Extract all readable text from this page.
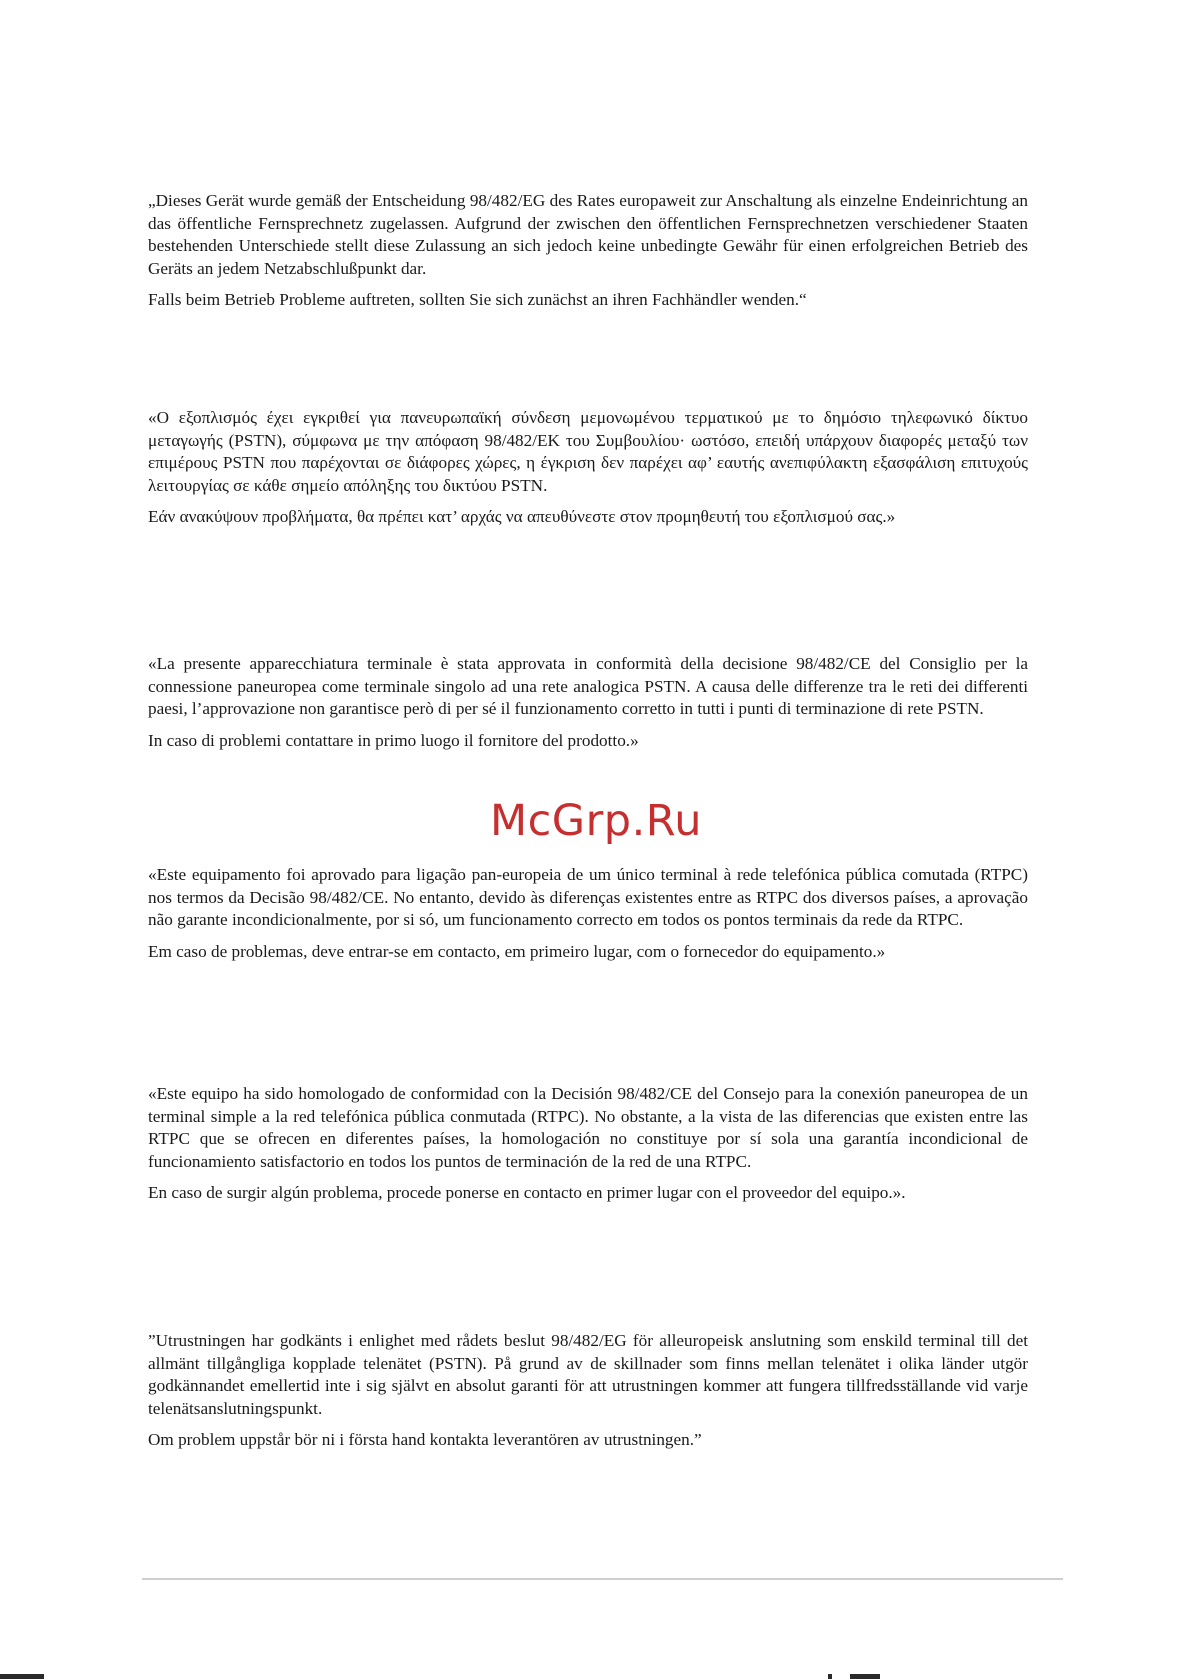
„Dieses Gerät wurde gemäß der Entscheidung 98/482/EG des Rates europaweit zur Anschaltung als einzelne Endeinrichtung an das öffentliche Fernsprechnetz zugelassen. Aufgrund der zwischen den öffentlichen Fernsprechnetzen verschiedener Staaten bestehenden Unterschiede stellt diese Zulassung an sich jedoch keine unbedingte Gewähr für einen erfolgreichen Betrieb des Geräts an jedem Netzabschlußpunkt dar.

Falls beim Betrieb Probleme auftreten, sollten Sie sich zunächst an ihren Fachhändler wenden.“

«Ο εξοπλισμός έχει εγκριθεί για πανευρωπαϊκή σύνδεση μεμονωμένου τερματικού με το δημόσιο τηλεφωνικό δίκτυο μεταγωγής (PSTN), σύμφωνα με την απόφαση 98/482/ΕΚ του Συμβουλίου· ωστόσο, επειδή υπάρχουν διαφορές μεταξύ των επιμέρους PSTN που παρέχονται σε διάφορες χώρες, η έγκριση δεν παρέχει αφ’ εαυτής ανεπιφύλακτη εξασφάλιση επιτυχούς λειτουργίας σε κάθε σημείο απόληξης του δικτύου PSTN.

Εάν ανακύψουν προβλήματα, θα πρέπει κατ’ αρχάς να απευθύνεστε στον προμηθευτή του εξοπλισμού σας.»

«La presente apparecchiatura terminale è stata approvata in conformità della decisione 98/482/CE del Consiglio per la connessione paneuropea come terminale singolo ad una rete analogica PSTN. A causa delle differenze tra le reti dei differenti paesi, l’approvazione non garantisce però di per sé il funzionamento corretto in tutti i punti di terminazione di rete PSTN.

In caso di problemi contattare in primo luogo il fornitore del prodotto.»

McGrp.Ru

«Este equipamento foi aprovado para ligação pan-europeia de um único terminal à rede telefónica pública comutada (RTPC) nos termos da Decisão 98/482/CE. No entanto, devido às diferenças existentes entre as RTPC dos diversos países, a aprovação não garante incondicionalmente, por si só, um funcionamento correcto em todos os pontos terminais da rede da RTPC.

Em caso de problemas, deve entrar-se em contacto, em primeiro lugar, com o fornecedor do equipamento.»

«Este equipo ha sido homologado de conformidad con la Decisión 98/482/CE del Consejo para la conexión paneuropea de un terminal simple a la red telefónica pública conmutada (RTPC). No obstante, a la vista de las diferencias que existen entre las RTPC que se ofrecen en diferentes países, la homologación no constituye por sí sola una garantía incondicional de funcionamiento satisfactorio en todos los puntos de terminación de la red de una RTPC.

En caso de surgir algún problema, procede ponerse en contacto en primer lugar con el proveedor del equipo.».

”Utrustningen har godkänts i enlighet med rådets beslut 98/482/EG för alleuropeisk anslutning som enskild terminal till det allmänt tillgångliga kopplade telenätet (PSTN). På grund av de skillnader som finns mellan telenätet i olika länder utgör godkännandet emellertid inte i sig självt en absolut garanti för att utrustningen kommer att fungera tillfredsställande vid varje telenätsanslutningspunkt.

Om problem uppstår bör ni i första hand kontakta leverantören av utrustningen.”
